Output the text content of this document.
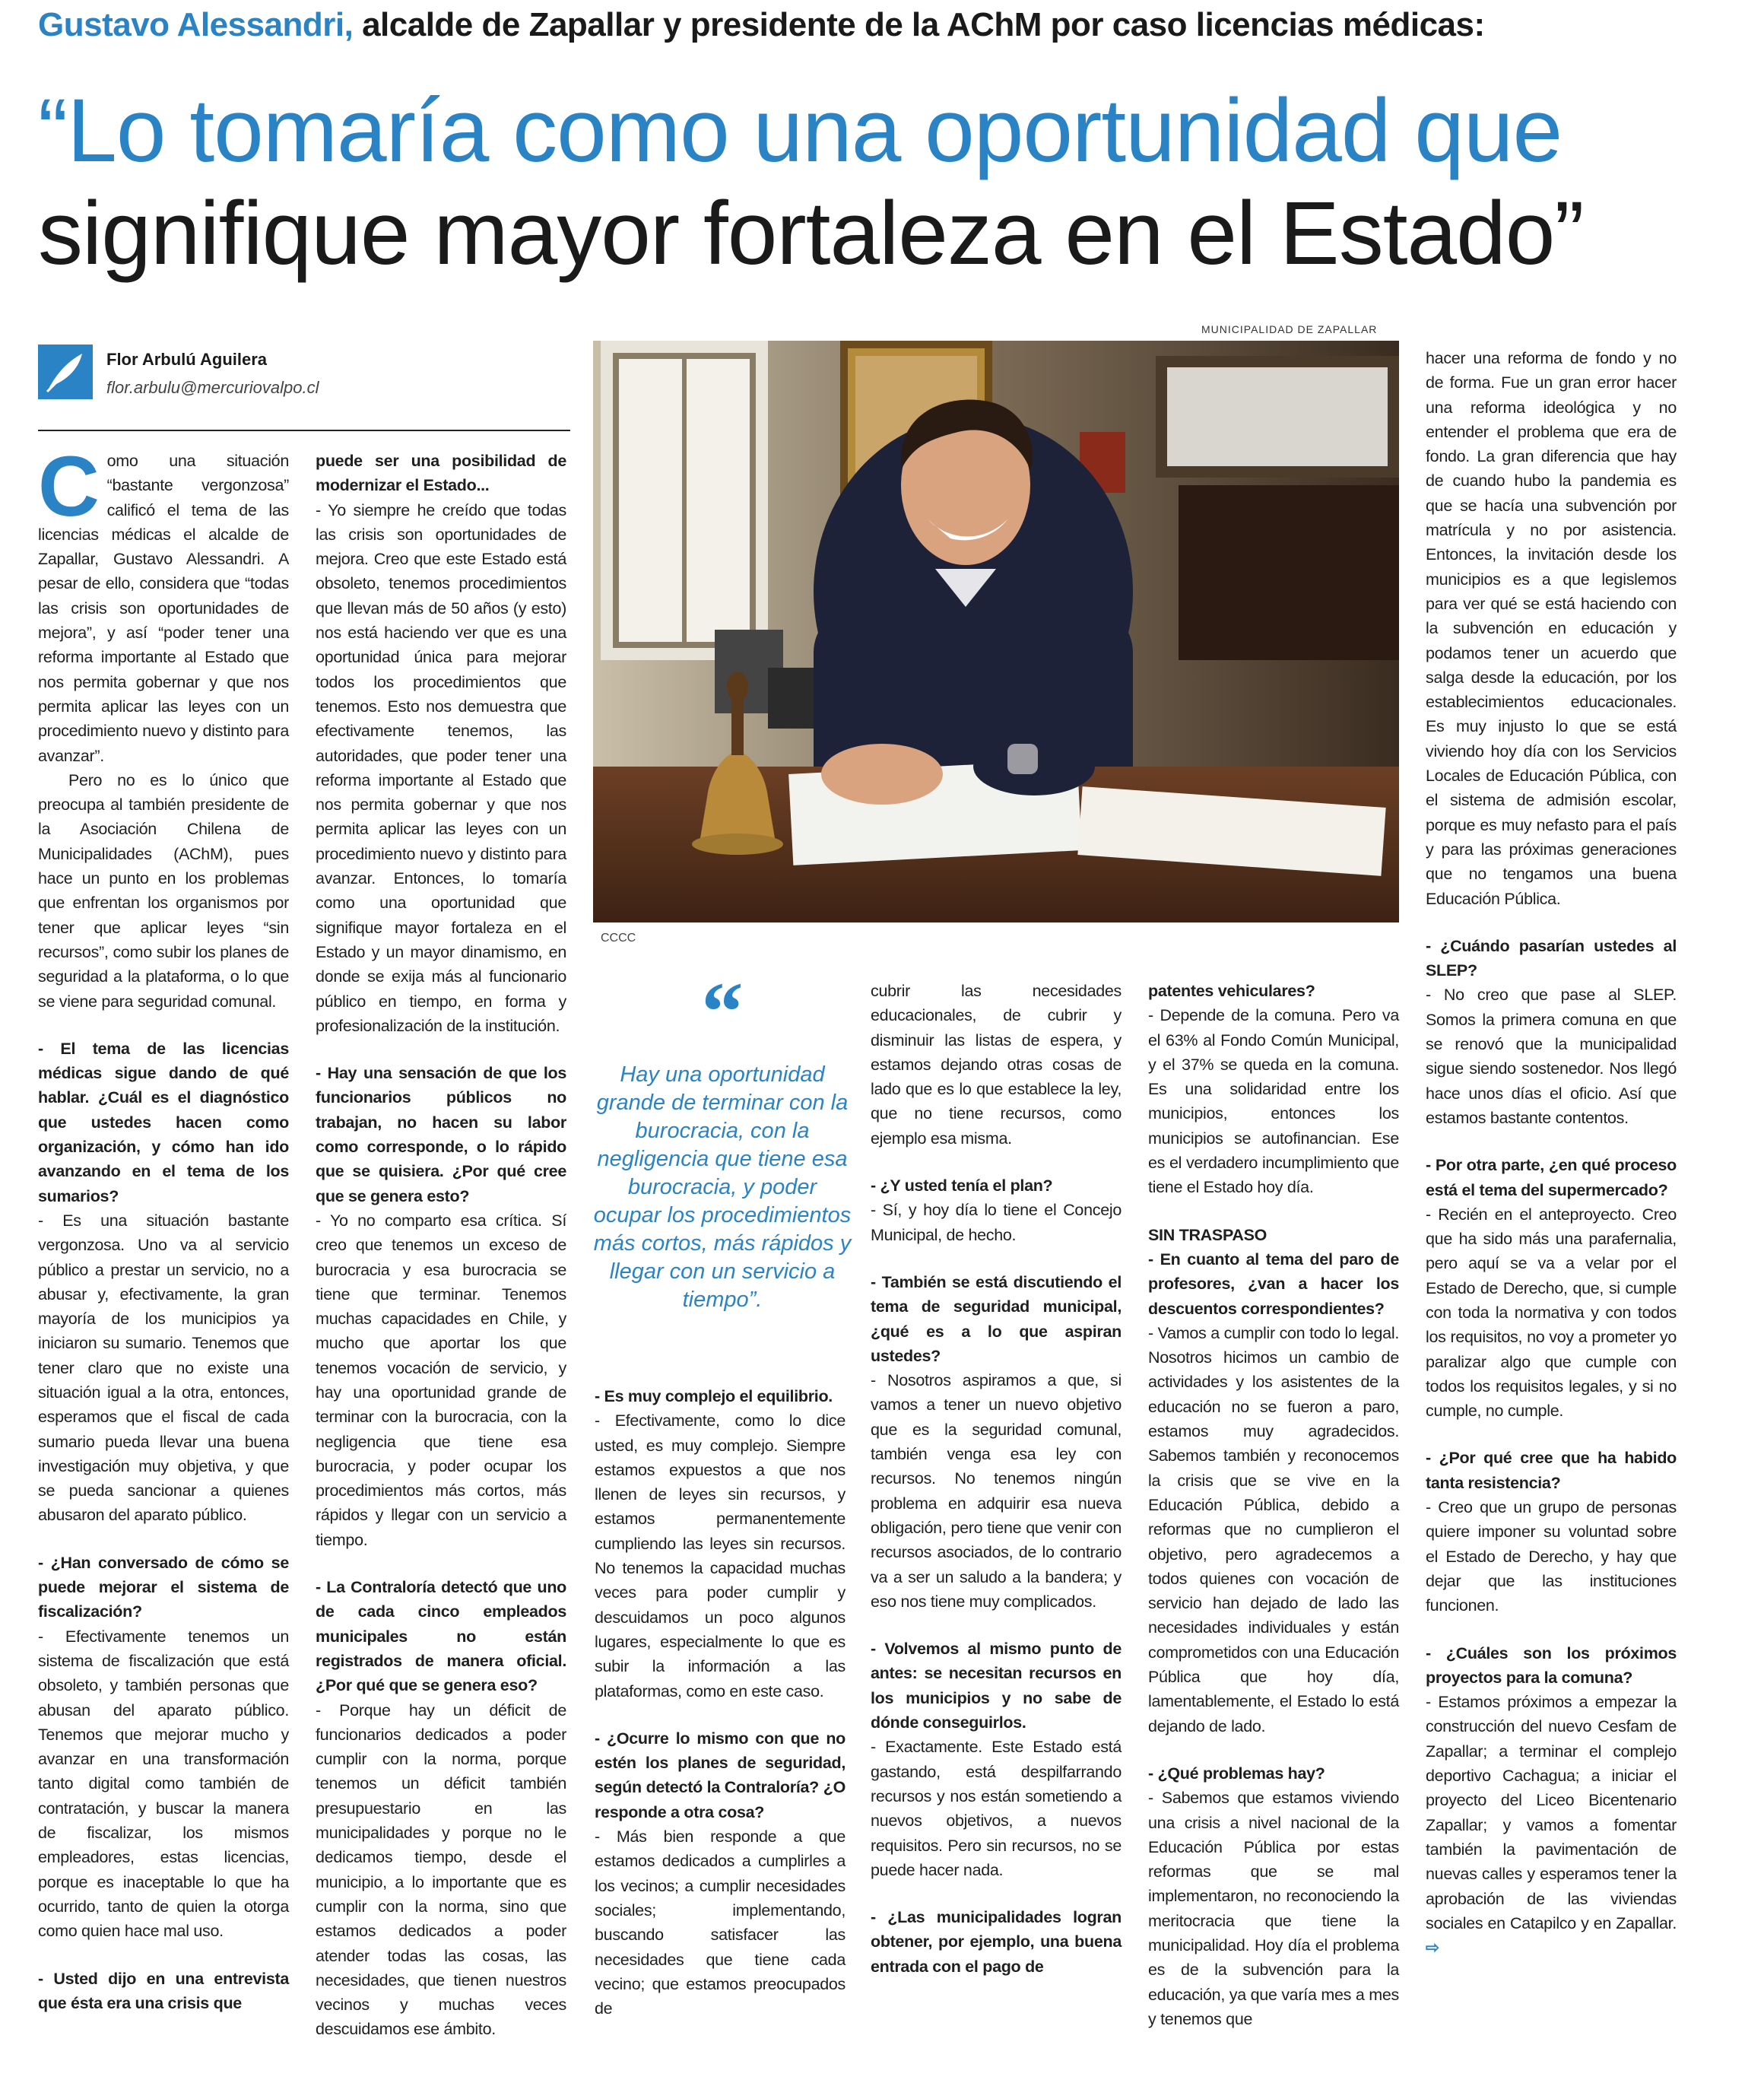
Gustavo Alessandri, alcalde de Zapallar y presidente de la AChM por caso licencias médicas:
“Lo tomaría como una oportunidad que
signifique mayor fortaleza en el Estado”
Flor Arbulú Aguilera
flor.arbulu@mercuriovalpo.cl
MUNICIPALIDAD DE ZAPALLAR
CCCC
“
Hay una oportunidad grande de terminar con la burocracia, con la negligencia que tiene esa burocracia, y poder ocupar los procedimientos más cortos, más rápidos y llegar con un servicio a tiempo”.

Como una situación “bastante vergonzosa” calificó el tema de las licencias médicas el alcalde de Zapallar, Gustavo Alessandri. A pesar de ello, considera que “todas las crisis son oportunidades de mejora”, y así “poder tener una reforma importante al Estado que nos permita gobernar y que nos permita aplicar las leyes con un procedimiento nuevo y distinto para avanzar”.

Pero no es lo único que preocupa al también presidente de la Asociación Chilena de Municipalidades (AChM), pues hace un punto en los problemas que enfrentan los organismos por tener que aplicar leyes “sin recursos”, como subir los planes de seguridad a la plataforma, o lo que se viene para seguridad comunal.

- El tema de las licencias médicas sigue dando de qué hablar. ¿Cuál es el diagnóstico que ustedes hacen como organización, y cómo han ido avanzando en el tema de los sumarios?

- Es una situación bastante vergonzosa. Uno va al servicio público a prestar un servicio, no a abusar y, efectivamente, la gran mayoría de los municipios ya iniciaron su sumario. Tenemos que tener claro que no existe una situación igual a la otra, entonces, esperamos que el fiscal de cada sumario pueda llevar una buena investigación muy objetiva, y que se pueda sancionar a quienes abusaron del aparato público.

- ¿Han conversado de cómo se puede mejorar el sistema de fiscalización?

- Efectivamente tenemos un sistema de fiscalización que está obsoleto, y también personas que abusan del aparato público. Tenemos que mejorar mucho y avanzar en una transformación tanto digital como también de contratación, y buscar la manera de fiscalizar, los mismos empleadores, estas licencias, porque es inaceptable lo que ha ocurrido, tanto de quien la otorga como quien hace mal uso.

- Usted dijo en una entrevista que ésta era una crisis que

puede ser una posibilidad de modernizar el Estado...

- Yo siempre he creído que todas las crisis son oportunidades de mejora. Creo que este Estado está obsoleto, tenemos procedimientos que llevan más de 50 años (y esto) nos está haciendo ver que es una oportunidad única para mejorar todos los procedimientos que tenemos. Esto nos demuestra que efectivamente tenemos, las autoridades, que poder tener una reforma importante al Estado que nos permita gobernar y que nos permita aplicar las leyes con un procedimiento nuevo y distinto para avanzar. Entonces, lo tomaría como una oportunidad que signifique mayor fortaleza en el Estado y un mayor dinamismo, en donde se exija más al funcionario público en tiempo, en forma y profesionalización de la institución.

- Hay una sensación de que los funcionarios públicos no trabajan, no hacen su labor como corresponde, o lo rápido que se quisiera. ¿Por qué cree que se genera esto?

- Yo no comparto esa crítica. Sí creo que tenemos un exceso de burocracia y esa burocracia se tiene que terminar. Tenemos muchas capacidades en Chile, y mucho que aportar los que tenemos vocación de servicio, y hay una oportunidad grande de terminar con la burocracia, con la negligencia que tiene esa burocracia, y poder ocupar los procedimientos más cortos, más rápidos y llegar con un servicio a tiempo.

- La Contraloría detectó que uno de cada cinco empleados municipales no están registrados de manera oficial. ¿Por qué que se genera eso?

- Porque hay un déficit de funcionarios dedicados a poder cumplir con la norma, porque tenemos un déficit también presupuestario en las municipalidades y porque no le dedicamos tiempo, desde el municipio, a lo importante que es cumplir con la norma, sino que estamos dedicados a poder atender todas las cosas, las necesidades, que tienen nuestros vecinos y muchas veces descuidamos ese ámbito.

- Es muy complejo el equilibrio.

- Efectivamente, como lo dice usted, es muy complejo. Siempre estamos expuestos a que nos llenen de leyes sin recursos, y estamos permanentemente cumpliendo las leyes sin recursos. No tenemos la capacidad muchas veces para poder cumplir y descuidamos un poco algunos lugares, especialmente lo que es subir la información a las plataformas, como en este caso.

- ¿Ocurre lo mismo con que no estén los planes de seguridad, según detectó la Contraloría? ¿O responde a otra cosa?

- Más bien responde a que estamos dedicados a cumplirles a los vecinos; a cumplir necesidades sociales; implementando, buscando satisfacer las necesidades que tiene cada vecino; que estamos preocupados de

cubrir las necesidades educacionales, de cubrir y disminuir las listas de espera, y estamos dejando otras cosas de lado que es lo que establece la ley, que no tiene recursos, como ejemplo esa misma.

- ¿Y usted tenía el plan?

- Sí, y hoy día lo tiene el Concejo Municipal, de hecho.

- También se está discutiendo el tema de seguridad municipal, ¿qué es a lo que aspiran ustedes?

- Nosotros aspiramos a que, si vamos a tener un nuevo objetivo que es la seguridad comunal, también venga esa ley con recursos. No tenemos ningún problema en adquirir esa nueva obligación, pero tiene que venir con recursos asociados, de lo contrario va a ser un saludo a la bandera; y eso nos tiene muy complicados.

- Volvemos al mismo punto de antes: se necesitan recursos en los municipios y no sabe de dónde conseguirlos.

- Exactamente. Este Estado está gastando, está despilfarrando recursos y nos están sometiendo a nuevos objetivos, a nuevos requisitos. Pero sin recursos, no se puede hacer nada.

- ¿Las municipalidades logran obtener, por ejemplo, una buena entrada con el pago de

patentes vehiculares?

- Depende de la comuna. Pero va el 63% al Fondo Común Municipal, y el 37% se queda en la comuna. Es una solidaridad entre los municipios, entonces los municipios se autofinancian. Ese es el verdadero incumplimiento que tiene el Estado hoy día.

SIN TRASPASO

- En cuanto al tema del paro de profesores, ¿van a hacer los descuentos correspondientes?

- Vamos a cumplir con todo lo legal. Nosotros hicimos un cambio de actividades y los asistentes de la educación no se fueron a paro, estamos muy agradecidos. Sabemos también y reconocemos la crisis que se vive en la Educación Pública, debido a reformas que no cumplieron el objetivo, pero agradecemos a todos quienes con vocación de servicio han dejado de lado las necesidades individuales y están comprometidos con una Educación Pública que hoy día, lamentablemente, el Estado lo está dejando de lado.

- ¿Qué problemas hay?

- Sabemos que estamos viviendo una crisis a nivel nacional de la Educación Pública por estas reformas que se mal implementaron, no reconociendo la meritocracia que tiene la municipalidad. Hoy día el problema es de la subvención para la educación, ya que varía mes a mes y tenemos que

hacer una reforma de fondo y no de forma. Fue un gran error hacer una reforma ideológica y no entender el problema que era de fondo. La gran diferencia que hay de cuando hubo la pandemia es que se hacía una subvención por matrícula y no por asistencia. Entonces, la invitación desde los municipios es a que legislemos para ver qué se está haciendo con la subvención en educación y podamos tener un acuerdo que salga desde la educación, por los establecimientos educacionales. Es muy injusto lo que se está viviendo hoy día con los Servicios Locales de Educación Pública, con el sistema de admisión escolar, porque es muy nefasto para el país y para las próximas generaciones que no tengamos una buena Educación Pública.

- ¿Cuándo pasarían ustedes al SLEP?

- No creo que pase al SLEP. Somos la primera comuna en que se renovó que la municipalidad sigue siendo sostenedor. Nos llegó hace unos días el oficio. Así que estamos bastante contentos.

- Por otra parte, ¿en qué proceso está el tema del supermercado?

- Recién en el anteproyecto. Creo que ha sido más una parafernalia, pero aquí se va a velar por el Estado de Derecho, que, si cumple con toda la normativa y con todos los requisitos, no voy a prometer yo paralizar algo que cumple con todos los requisitos legales, y si no cumple, no cumple.

- ¿Por qué cree que ha habido tanta resistencia?

- Creo que un grupo de personas quiere imponer su voluntad sobre el Estado de Derecho, y hay que dejar que las instituciones funcionen.

- ¿Cuáles son los próximos proyectos para la comuna?

- Estamos próximos a empezar la construcción del nuevo Cesfam de Zapallar; a terminar el complejo deportivo Cachagua; a iniciar el proyecto del Liceo Bicentenario Zapallar; y vamos a fomentar también la pavimentación de nuevas calles y esperamos tener la aprobación de las viviendas sociales en Catapilco y en Zapallar. ⇨
